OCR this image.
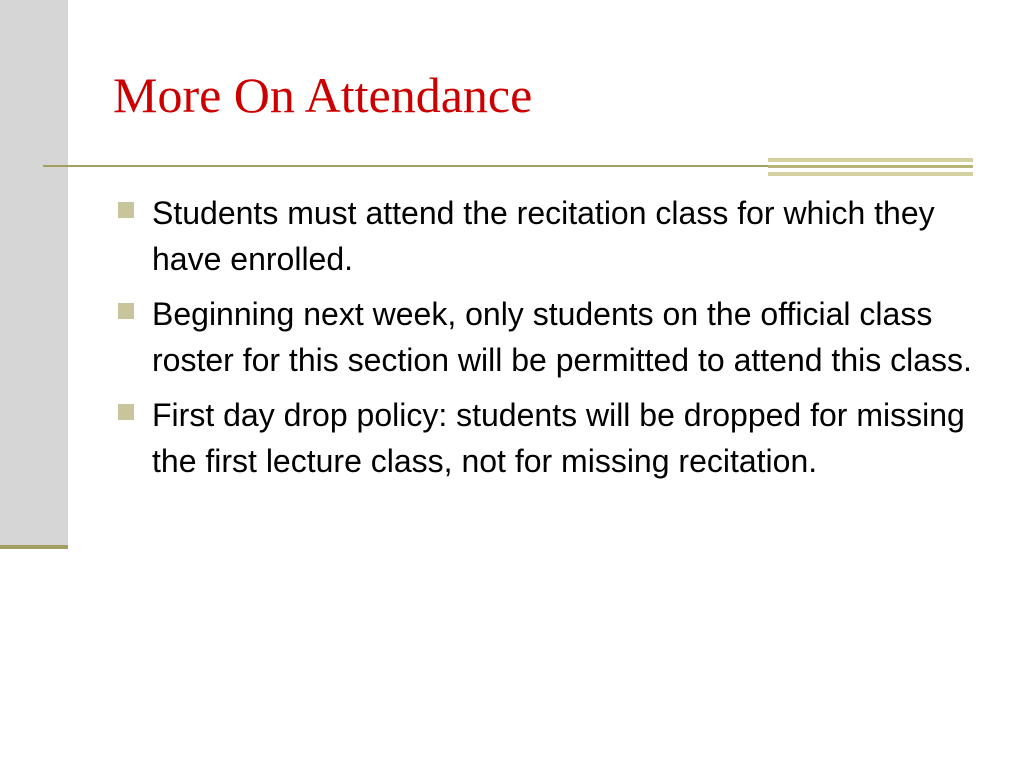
More On Attendance
Students must attend the recitation class for which they have enrolled.
Beginning next week, only students on the official class roster for this section will be permitted to attend this class.
First day drop policy: students will be dropped for missing the first lecture class, not for missing recitation.
